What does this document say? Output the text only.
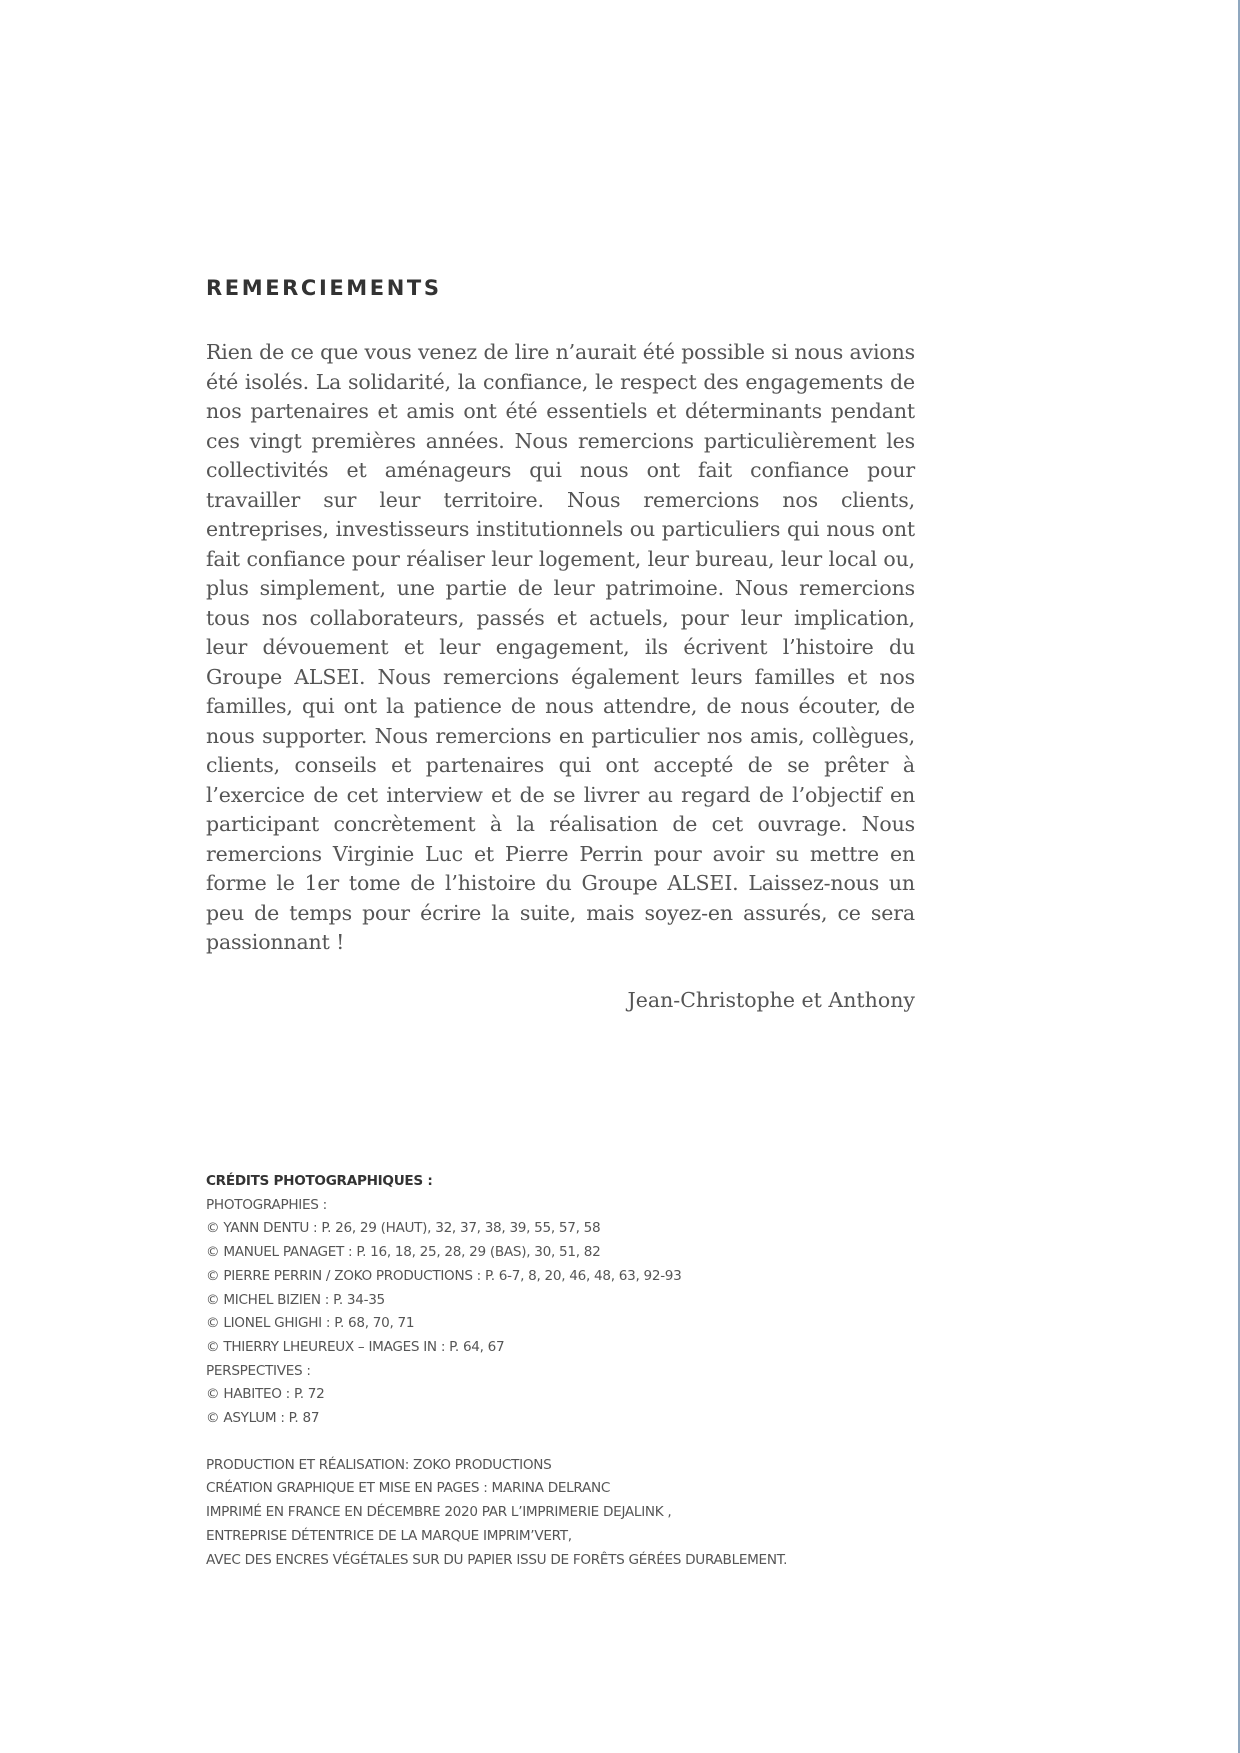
REMERCIEMENTS

Rien de ce que vous venez de lire n’aurait été possible si nous avions été isolés. La solidarité, la confiance, le respect des engagements de nos partenaires et amis ont été essentiels et déterminants pendant ces vingt premières années. Nous remercions particulièrement les collectivités et aménageurs qui nous ont fait confiance pour travailler sur leur territoire. Nous remercions nos clients, entreprises, investisseurs institutionnels ou particuliers qui nous ont fait confiance pour réaliser leur logement, leur bureau, leur local ou, plus simplement, une partie de leur patrimoine. Nous remercions tous nos collaborateurs, passés et actuels, pour leur implication, leur dévouement et leur engagement, ils écrivent l’histoire du Groupe ALSEI. Nous remercions également leurs familles et nos familles, qui ont la patience de nous attendre, de nous écouter, de nous supporter. Nous remercions en particulier nos amis, collègues, clients, conseils et partenaires qui ont accepté de se prêter à l’exercice de cet interview et de se livrer au regard de l’objectif en participant concrètement à la réalisation de cet ouvrage. Nous remercions Virginie Luc et Pierre Perrin pour avoir su mettre en forme le 1er tome de l’histoire du Groupe ALSEI. Laissez-nous un peu de temps pour écrire la suite, mais soyez-en assurés, ce sera passionnant !

Jean-Christophe et Anthony

CRÉDITS PHOTOGRAPHIQUES :
PHOTOGRAPHIES :
© YANN DENTU : P. 26, 29 (HAUT), 32, 37, 38, 39, 55, 57, 58
© MANUEL PANAGET : P. 16, 18, 25, 28, 29 (BAS), 30, 51, 82
© PIERRE PERRIN / ZOKO PRODUCTIONS : P. 6-7, 8, 20, 46, 48, 63, 92-93
© MICHEL BIZIEN : P. 34-35
© LIONEL GHIGHI : P. 68, 70, 71
© THIERRY LHEUREUX – IMAGES IN : P. 64, 67
PERSPECTIVES :
© HABITEO : P. 72
© ASYLUM : P. 87
PRODUCTION ET RÉALISATION: ZOKO PRODUCTIONS
CRÉATION GRAPHIQUE ET MISE EN PAGES : MARINA DELRANC
IMPRIMÉ EN FRANCE EN DÉCEMBRE 2020 PAR L’IMPRIMERIE DEJALINK ,
ENTREPRISE DÉTENTRICE DE LA MARQUE IMPRIM’VERT,
AVEC DES ENCRES VÉGÉTALES SUR DU PAPIER ISSU DE FORÊTS GÉRÉES DURABLEMENT.
